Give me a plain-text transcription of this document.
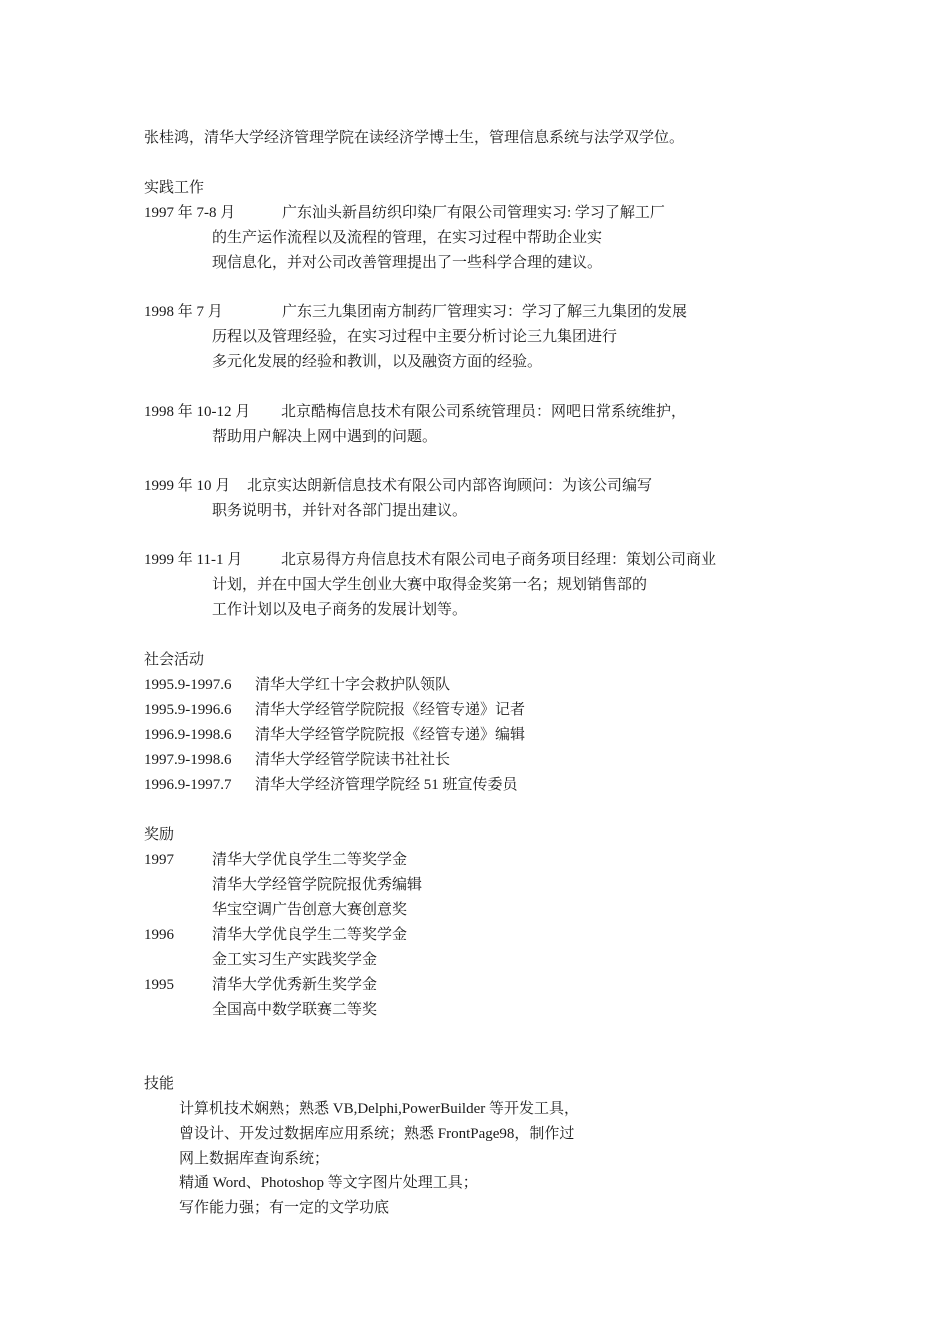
张桂鸿，清华大学经济管理学院在读经济学博士生，管理信息系统与法学双学位。
实践工作
1997 年 7-8 月	广东汕头新昌纺织印染厂有限公司管理实习: 学习了解工厂
的生产运作流程以及流程的管理，在实习过程中帮助企业实
现信息化，并对公司改善管理提出了一些科学合理的建议。
1998 年 7 月	广东三九集团南方制药厂管理实习：学习了解三九集团的发展
历程以及管理经验，在实习过程中主要分析讨论三九集团进行
多元化发展的经验和教训，以及融资方面的经验。
1998 年 10-12 月 北京酷梅信息技术有限公司系统管理员：网吧日常系统维护，
帮助用户解决上网中遇到的问题。
1999 年 10 月 北京实达朗新信息技术有限公司内部咨询顾问：为该公司编写
职务说明书，并针对各部门提出建议。
1999 年 11-1 月	北京易得方舟信息技术有限公司电子商务项目经理：策划公司商业
计划，并在中国大学生创业大赛中取得金奖第一名；规划销售部的
工作计划以及电子商务的发展计划等。
社会活动
1995.9-1997.6 清华大学红十字会救护队领队
1995.9-1996.6 清华大学经管学院院报《经管专递》记者
1996.9-1998.6 清华大学经管学院院报《经管专递》编辑
1997.9-1998.6 清华大学经管学院读书社社长
1996.9-1997.7 清华大学经济管理学院经 51 班宣传委员
奖励
1997	清华大学优良学生二等奖学金
清华大学经管学院院报优秀编辑
华宝空调广告创意大赛创意奖
1996	清华大学优良学生二等奖学金
金工实习生产实践奖学金
1995	清华大学优秀新生奖学金
全国高中数学联赛二等奖
技能
计算机技术娴熟；熟悉 VB,Delphi,PowerBuilder 等开发工具，
曾设计、开发过数据库应用系统；熟悉 FrontPage98，制作过
网上数据库查询系统；
精通 Word、Photoshop 等文字图片处理工具；
写作能力强；有一定的文学功底
